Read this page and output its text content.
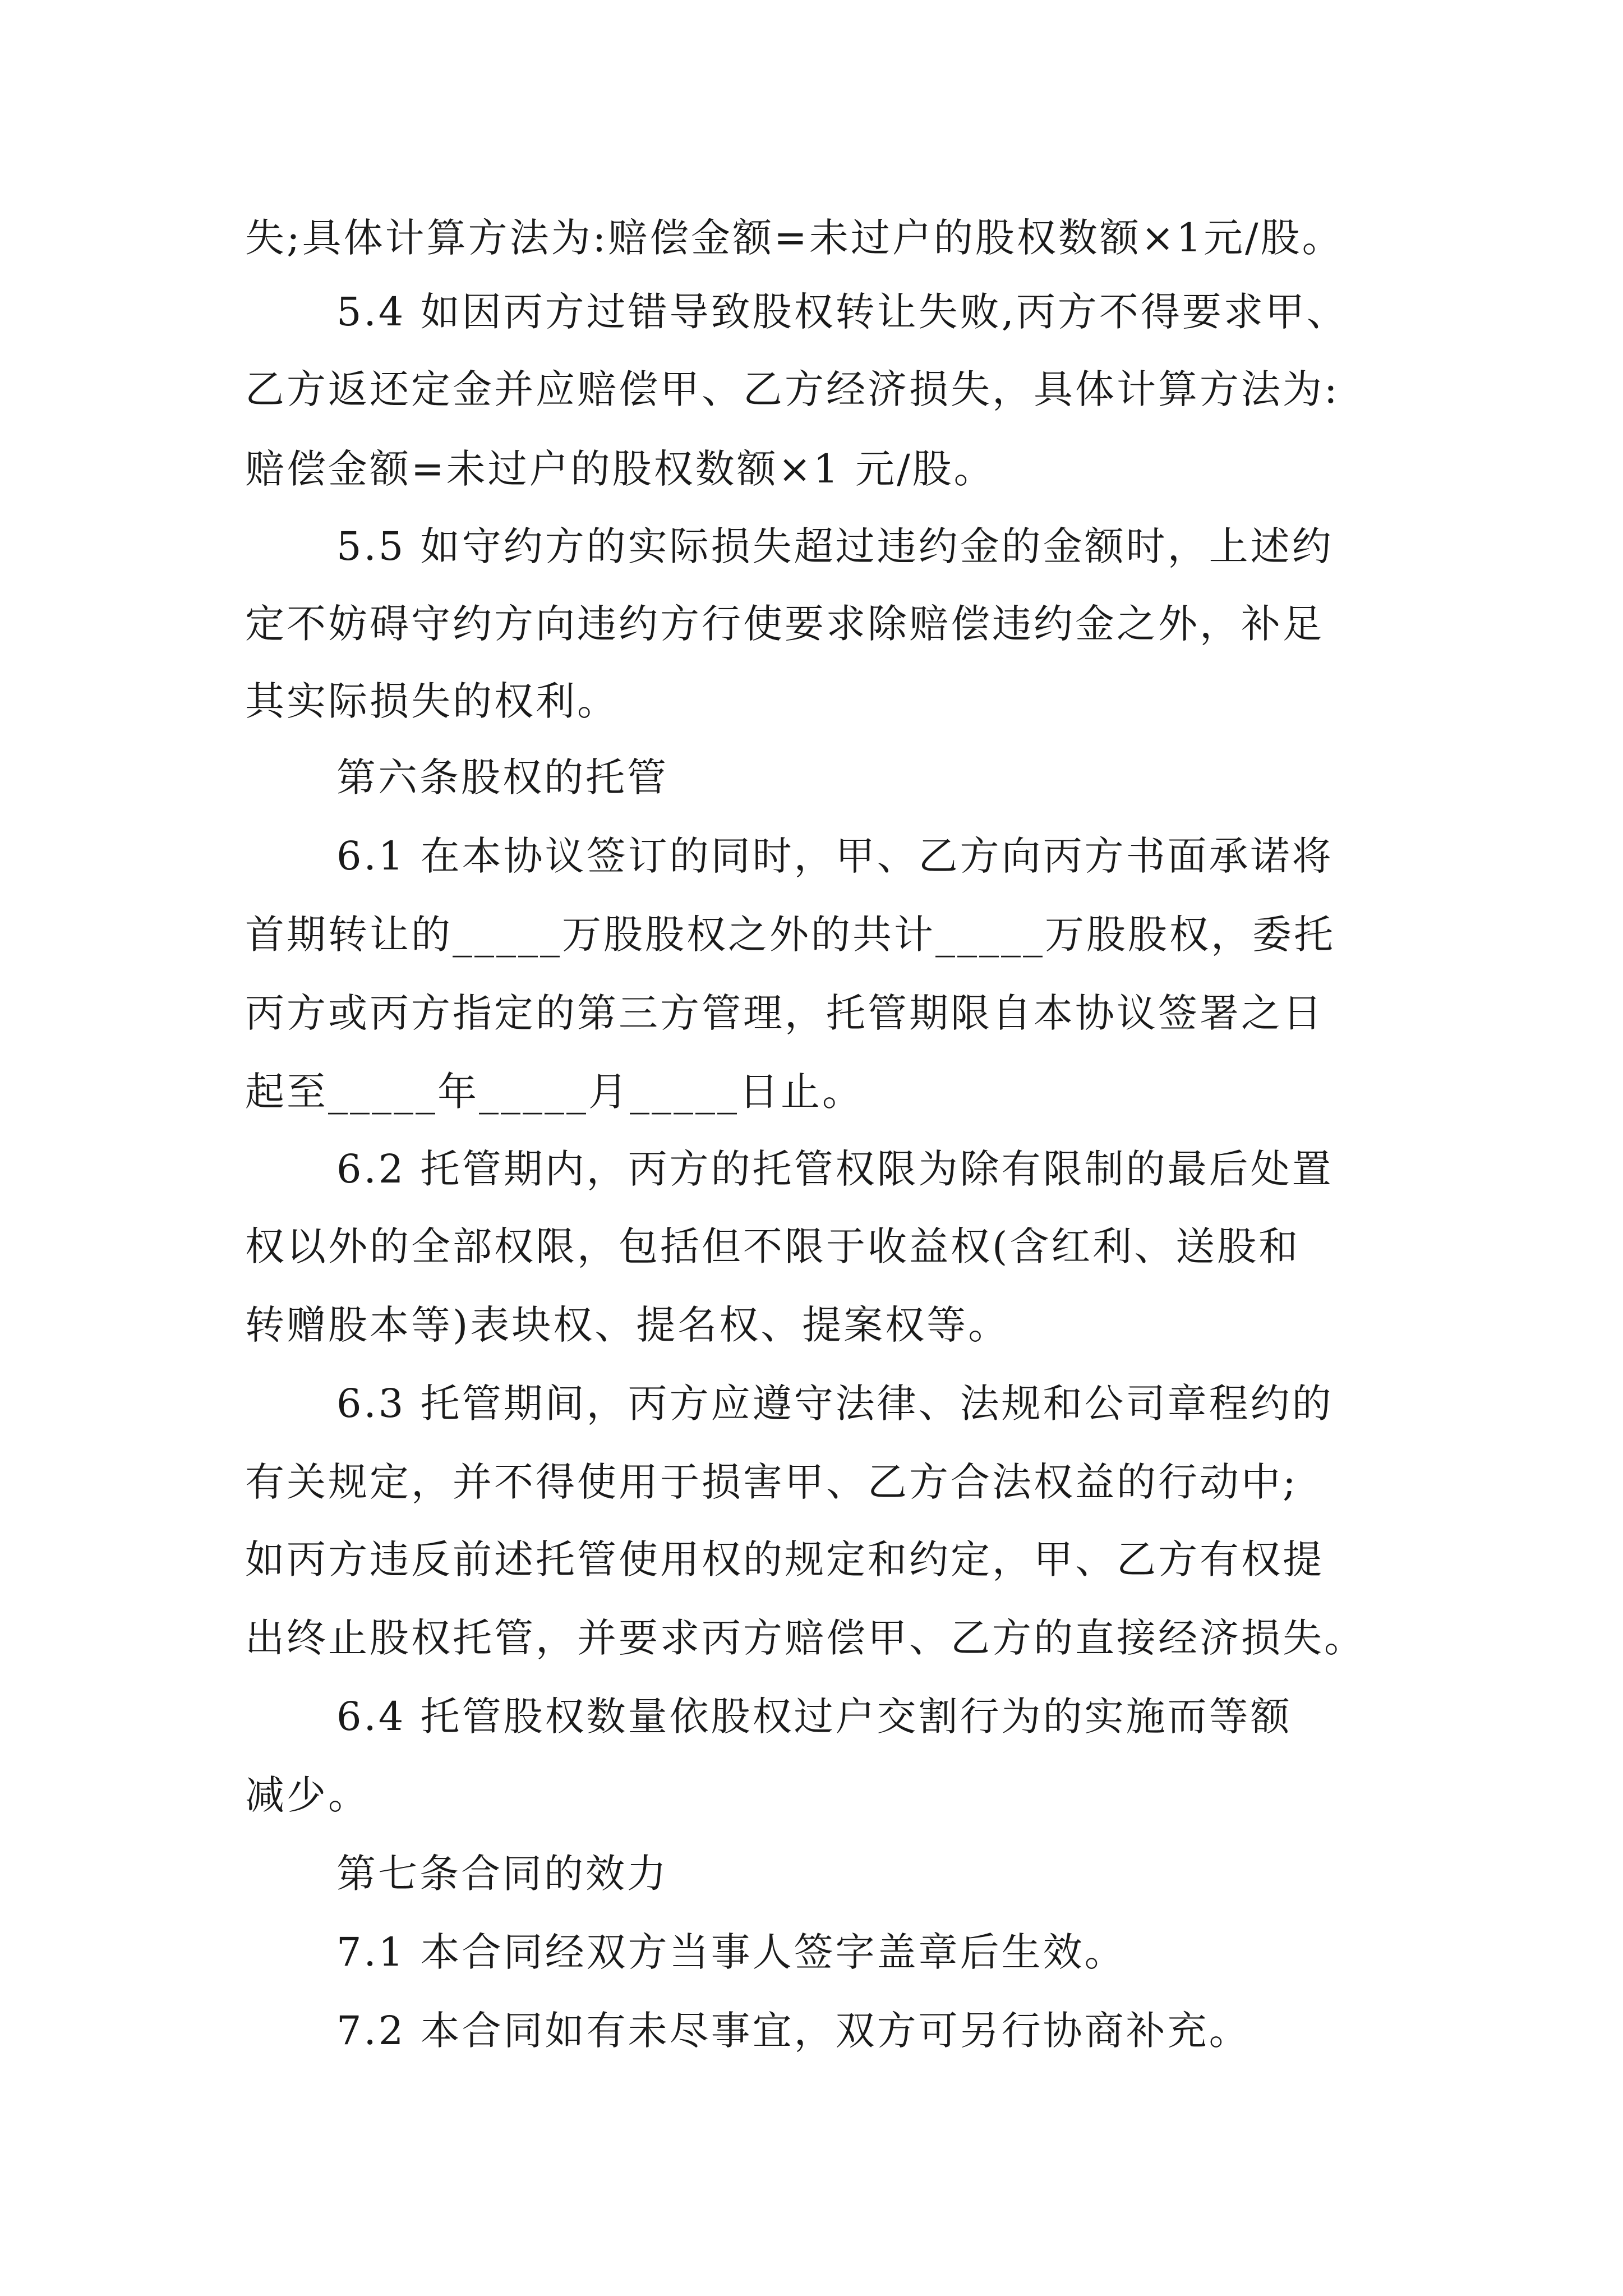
失;具体计算方法为:赔偿金额=未过户的股权数额×1元/股。

5.4 如因丙方过错导致股权转让失败,丙方不得要求甲、

乙方返还定金并应赔偿甲、乙方经济损失，具体计算方法为:

赔偿金额=未过户的股权数额×1 元/股。

5.5 如守约方的实际损失超过违约金的金额时，上述约

定不妨碍守约方向违约方行使要求除赔偿违约金之外，补足

其实际损失的权利。

第六条股权的托管

6.1 在本协议签订的同时，甲、乙方向丙方书面承诺将

首期转让的_____万股股权之外的共计_____万股股权，委托

丙方或丙方指定的第三方管理，托管期限自本协议签署之日

起至_____年_____月_____日止。

6.2 托管期内，丙方的托管权限为除有限制的最后处置

权以外的全部权限，包括但不限于收益权(含红利、送股和

转赠股本等)表块权、提名权、提案权等。

6.3 托管期间，丙方应遵守法律、法规和公司章程约的

有关规定，并不得使用于损害甲、乙方合法权益的行动中;

如丙方违反前述托管使用权的规定和约定，甲、乙方有权提

出终止股权托管，并要求丙方赔偿甲、乙方的直接经济损失。

6.4 托管股权数量依股权过户交割行为的实施而等额

减少。

第七条合同的效力

7.1 本合同经双方当事人签字盖章后生效。

7.2 本合同如有未尽事宜，双方可另行协商补充。
